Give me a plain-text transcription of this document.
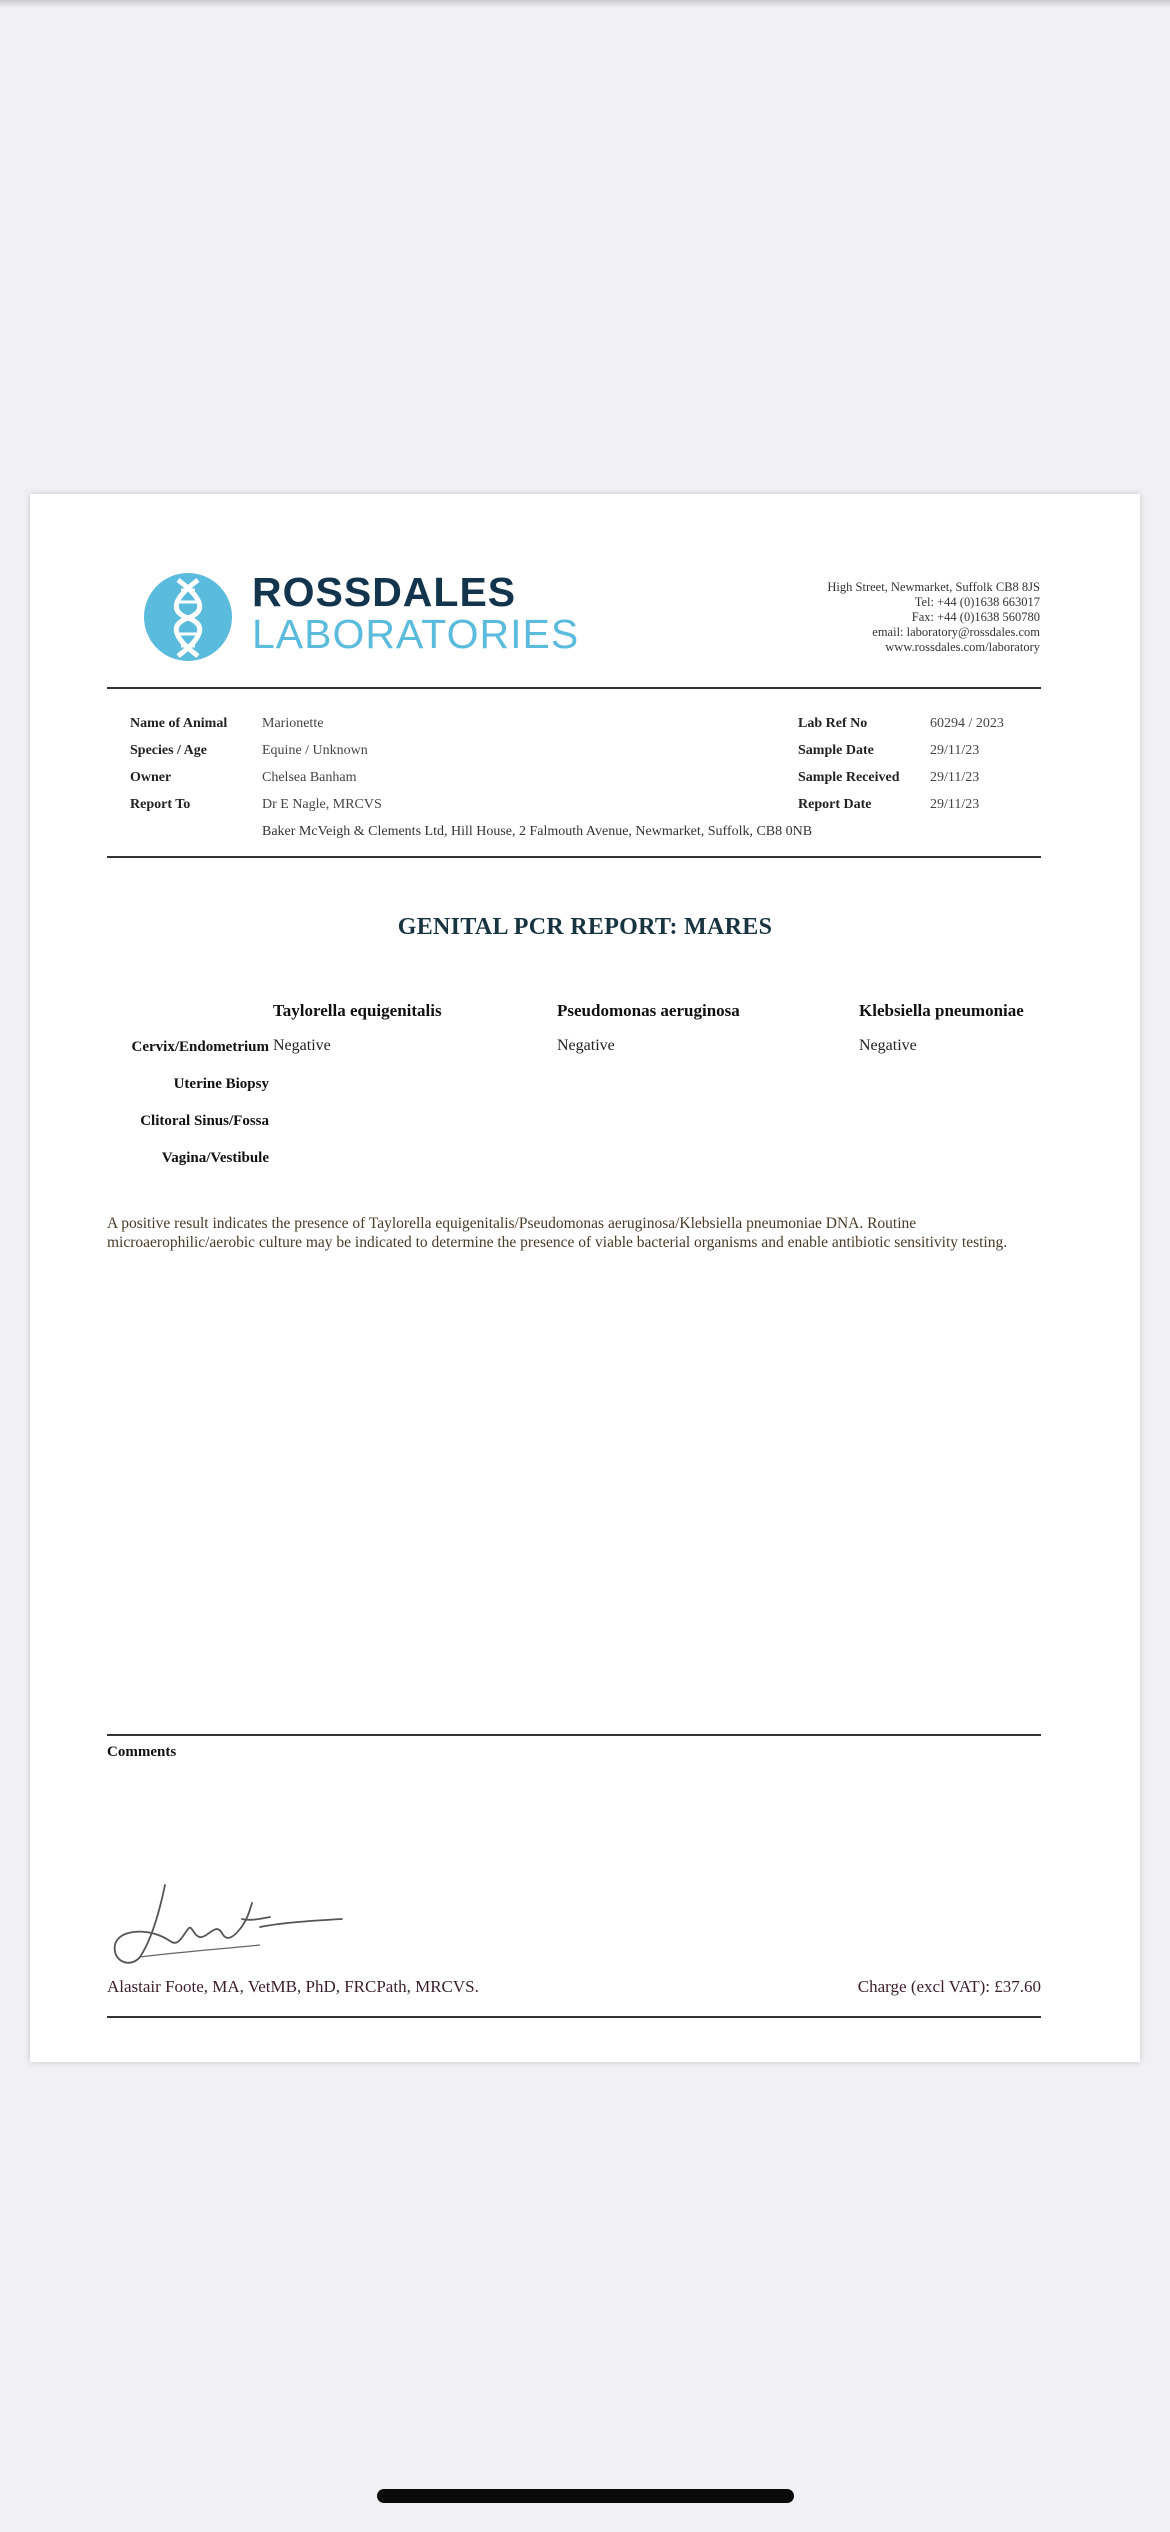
ROSSDALES
LABORATORIES
High Street, Newmarket, Suffolk CB8 8JS
Tel: +44 (0)1638 663017
Fax: +44 (0)1638 560780
email: laboratory@rossdales.com
www.rossdales.com/laboratory
Name of Animal Marionette
Species / Age	Equine / Unknown
Owner	Chelsea Banham
Report To	Dr E Nagle, MRCVS
Baker McVeigh & Clements Ltd, Hill House, 2 Falmouth Avenue, Newmarket, Suffolk, CB8 0NB
Lab Ref No	60294 / 2023
Sample Date	29/11/23
Sample Received 29/11/23
Report Date	29/11/23
GENITAL PCR REPORT: MARES
Taylorella equigenitalis	Pseudomonas aeruginosa	Klebsiella pneumoniae
Cervix/Endometrium Negative	Negative	Negative
Uterine Biopsy
Clitoral Sinus/Fossa
Vagina/Vestibule
A positive result indicates the presence of Taylorella equigenitalis/Pseudomonas aeruginosa/Klebsiella pneumoniae DNA. Routine microaerophilic/aerobic culture may be indicated to determine the presence of viable bacterial organisms and enable antibiotic sensitivity testing.
Comments
Alastair Foote, MA, VetMB, PhD, FRCPath, MRCVS.	Charge (excl VAT): £37.60
